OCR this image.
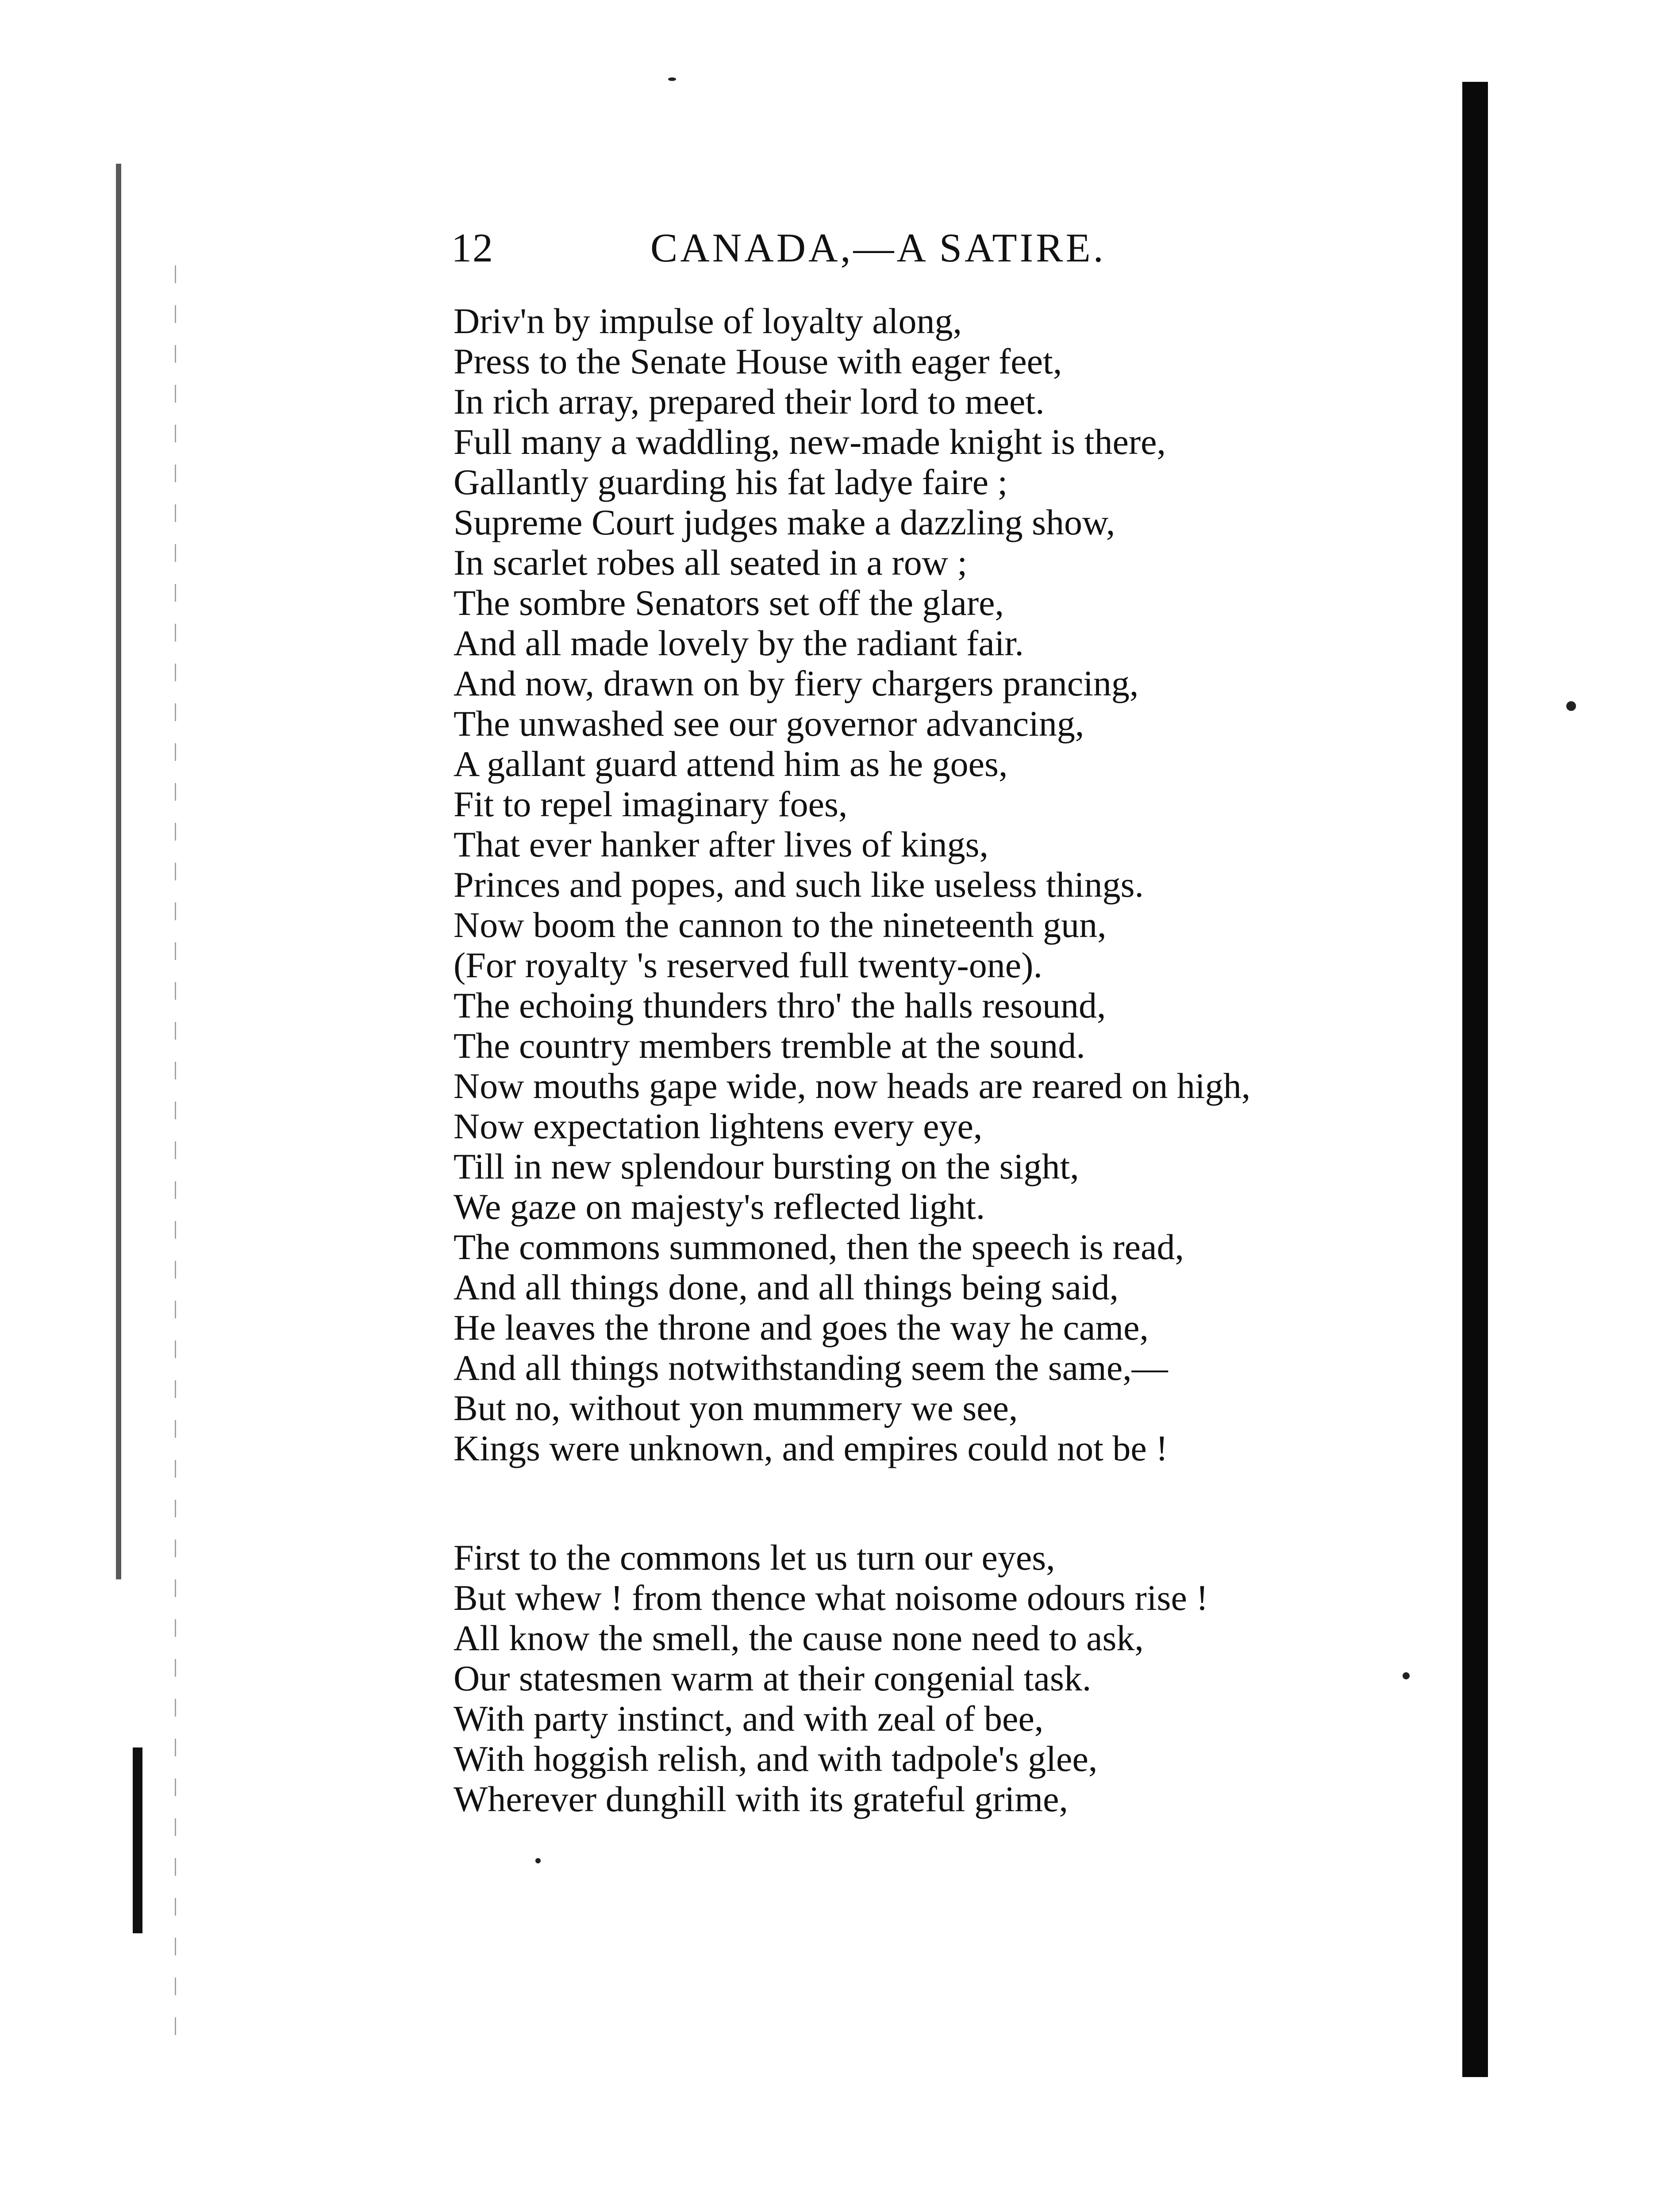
12	CANADA,—A SATIRE.
Driv'n by impulse of loyalty along,
Press to the Senate House with eager feet,
In rich array, prepared their lord to meet.
Full many a waddling, new-made knight is there,
Gallantly guarding his fat ladye faire ;
Supreme Court judges make a dazzling show,
In scarlet robes all seated in a row ;
The sombre Senators set off the glare,
And all made lovely by the radiant fair.
And now, drawn on by fiery chargers prancing,
The unwashed see our governor advancing,
A gallant guard attend him as he goes,
Fit to repel imaginary foes,
That ever hanker after lives of kings,
Princes and popes, and such like useless things.
Now boom the cannon to the nineteenth gun,
(For royalty 's reserved full twenty-one).
The echoing thunders thro' the halls resound,
The country members tremble at the sound.
Now mouths gape wide, now heads are reared on high,
Now expectation lightens every eye,
Till in new splendour bursting on the sight,
We gaze on majesty's reflected light.
The commons summoned, then the speech is read,
And all things done, and all things being said,
He leaves the throne and goes the way he came,
And all things notwithstanding seem the same,—
But no, without yon mummery we see,
Kings were unknown, and empires could not be !
First to the commons let us turn our eyes,
But whew ! from thence what noisome odours rise !
All know the smell, the cause none need to ask,
Our statesmen warm at their congenial task.
With party instinct, and with zeal of bee,
With hoggish relish, and with tadpole's glee,
Wherever dunghill with its grateful grime,
